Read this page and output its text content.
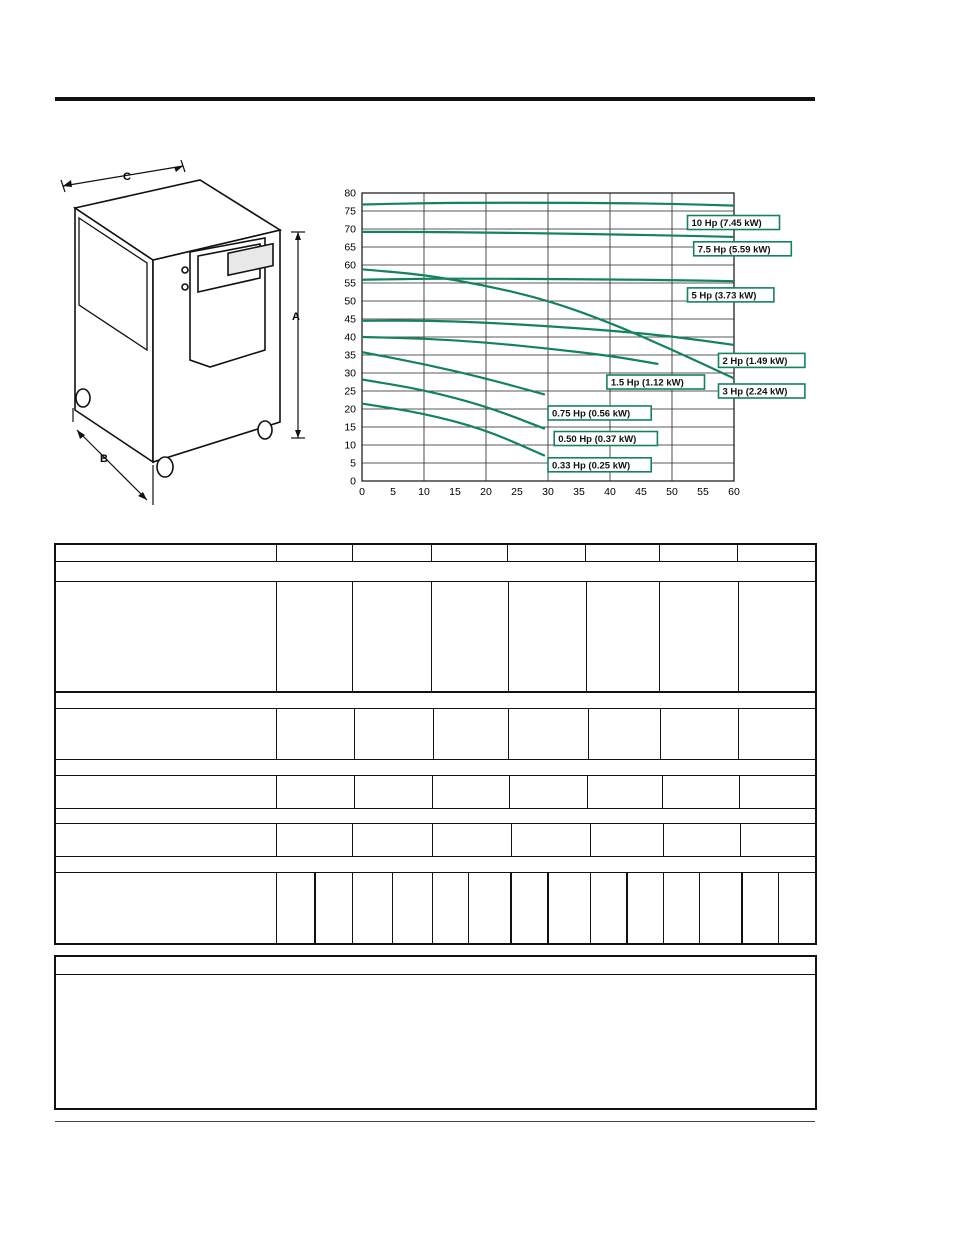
C
A
B
0
5
10
15
20
25
30
35
40
45
50
55
60
65
70
75
80
0 5 10 15 20 25 30 35 40 45 50 55 60
10 Hp (7.45 kW)
7.5 Hp (5.59 kW)
5 Hp (3.73 kW)
3 Hp (2.24 kW)
2 Hp (1.49 kW)
1.5 Hp (1.12 kW)
0.75 Hp (0.56 kW)
0.50 Hp (0.37 kW)
0.33 Hp (0.25 kW)
